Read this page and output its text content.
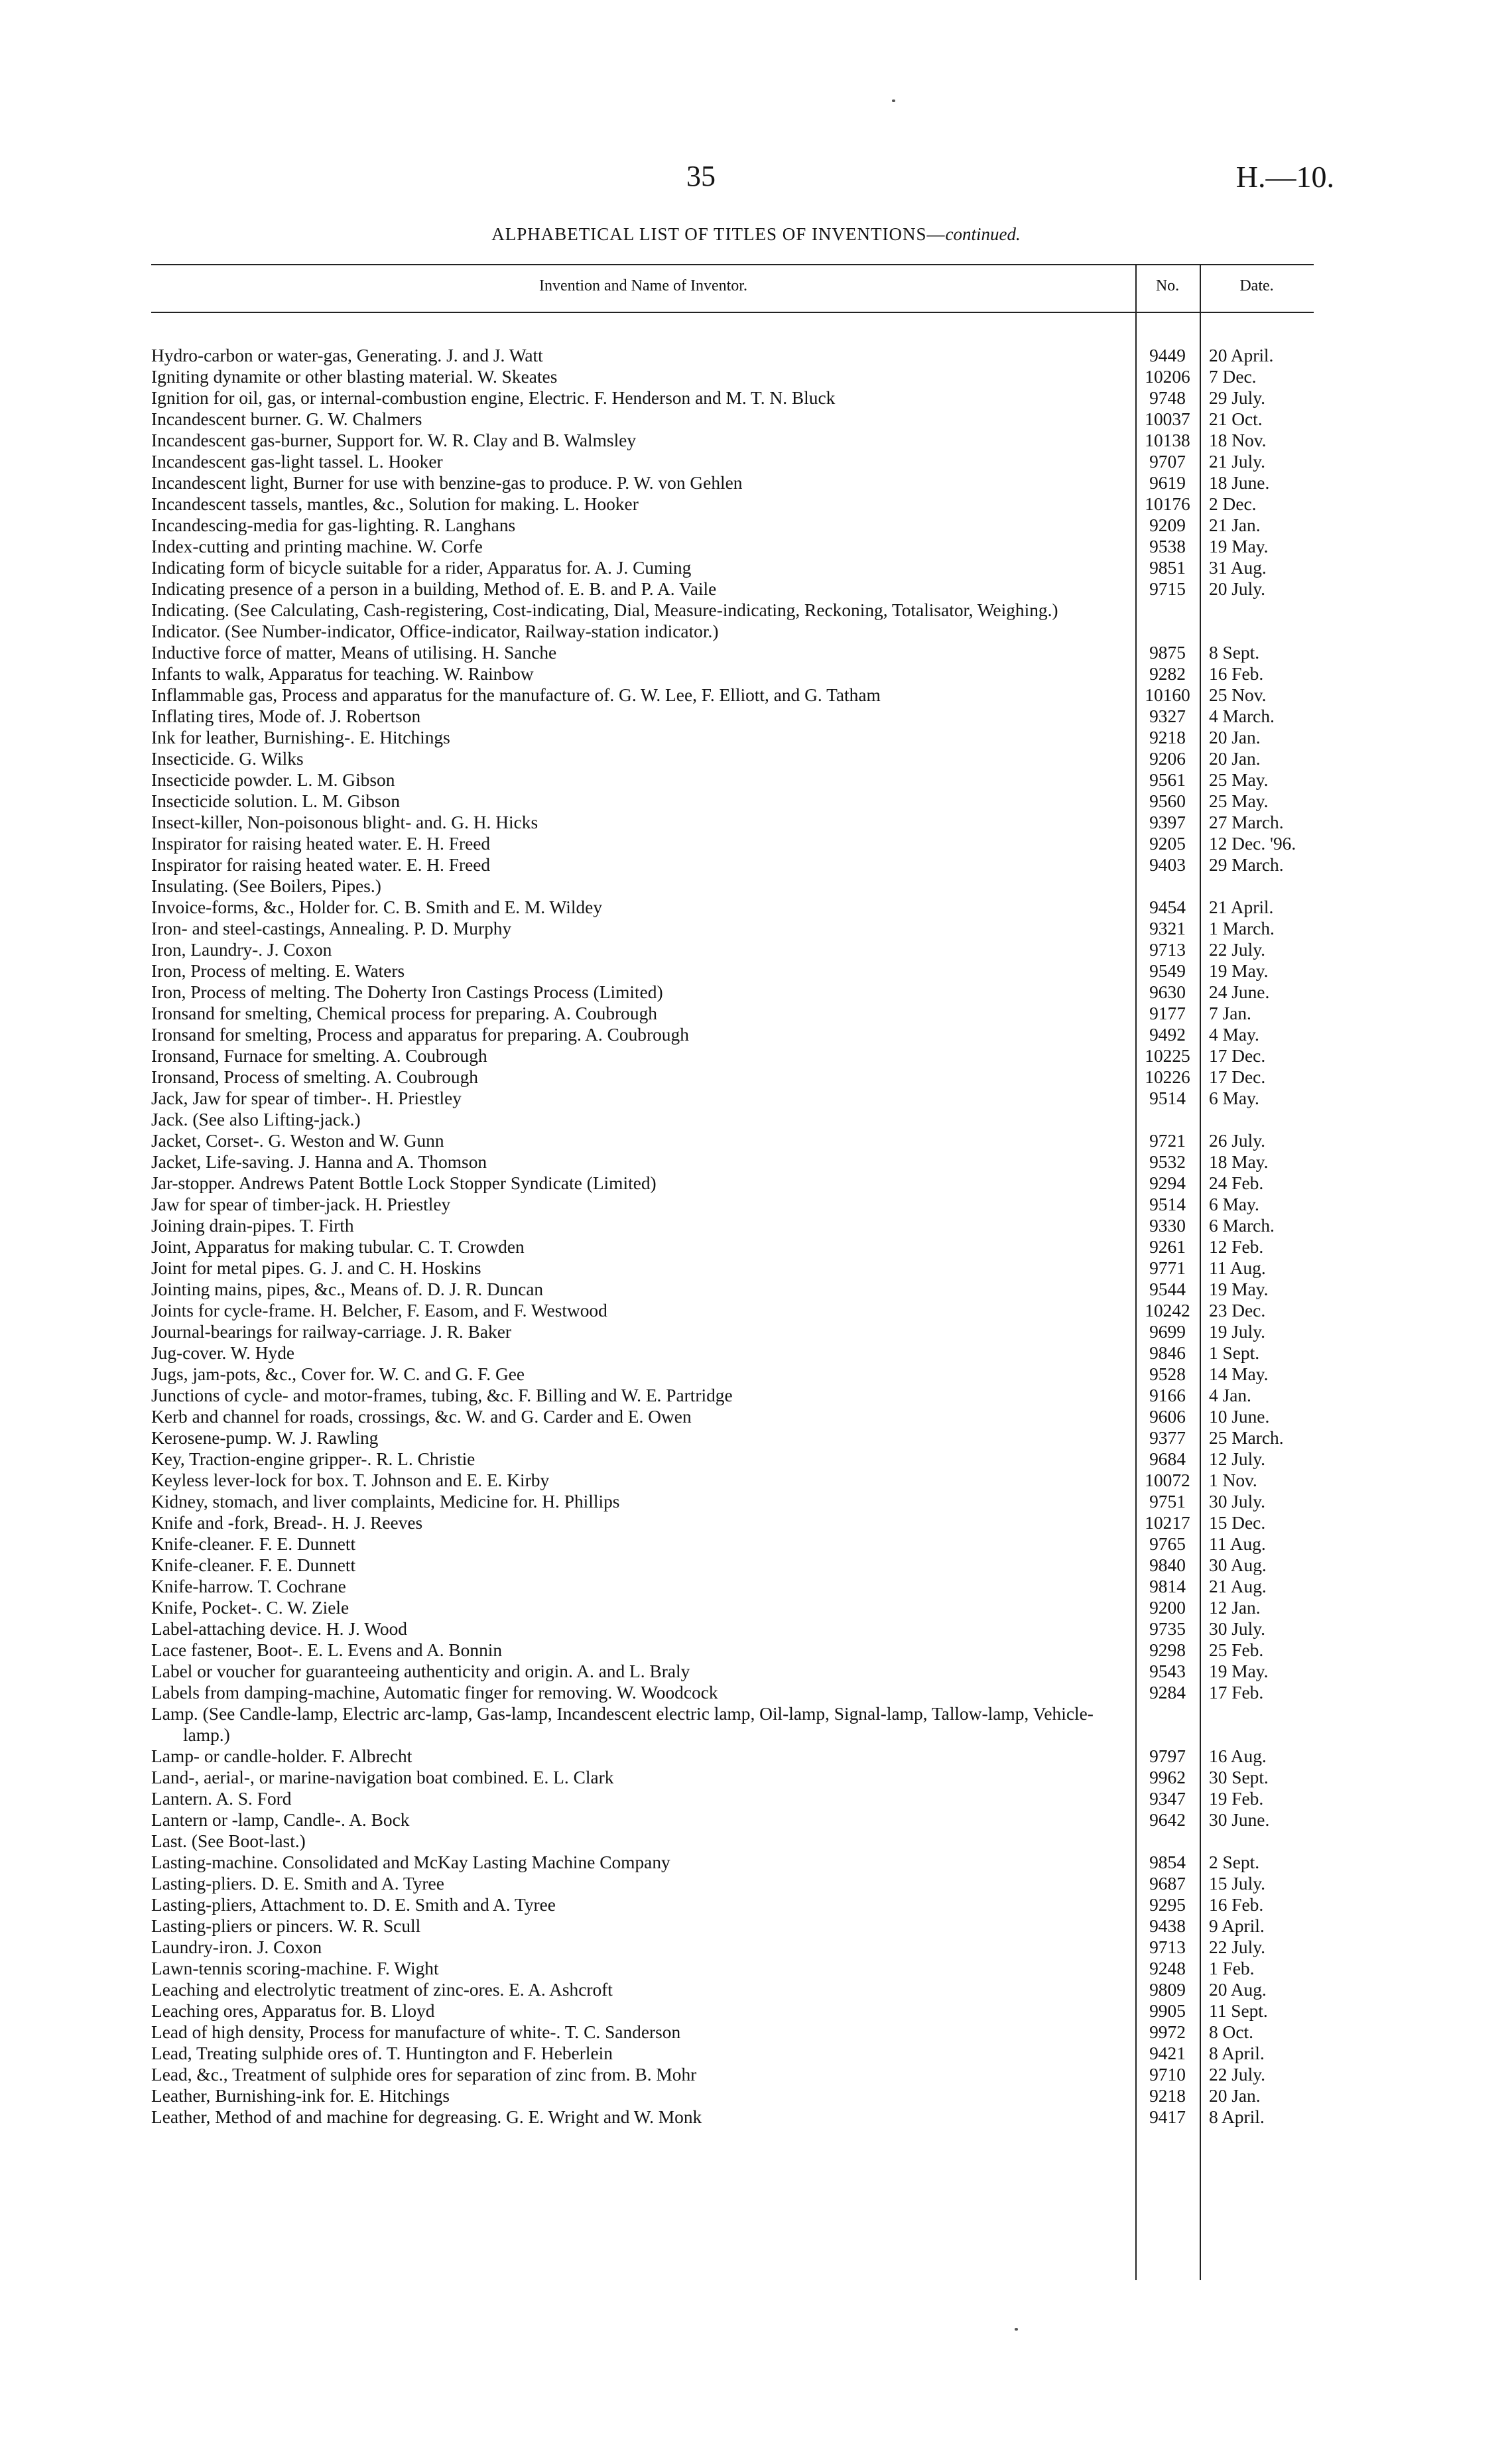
35	H.—10.
ALPHABETICAL LIST OF TITLES OF INVENTIONS—continued.
Invention and Name of Inventor.	No.	Date.
Hydro-carbon or water-gas, Generating. J. and J. Watt	9449	20 April.
Igniting dynamite or other blasting material. W. Skeates	10206	7 Dec.
Ignition for oil, gas, or internal-combustion engine, Electric. F. Henderson and M. T. N. Bluck	9748	29 July.
Incandescent burner. G. W. Chalmers	10037	21 Oct.
Incandescent gas-burner, Support for. W. R. Clay and B. Walmsley	10138	18 Nov.
Incandescent gas-light tassel. L. Hooker	9707	21 July.
Incandescent light, Burner for use with benzine-gas to produce. P. W. von Gehlen	9619	18 June.
Incandescent tassels, mantles, &c., Solution for making. L. Hooker	10176	2 Dec.
Incandescing-media for gas-lighting. R. Langhans	9209	21 Jan.
Index-cutting and printing machine. W. Corfe	9538	19 May.
Indicating form of bicycle suitable for a rider, Apparatus for. A. J. Cuming	9851	31 Aug.
Indicating presence of a person in a building, Method of. E. B. and P. A. Vaile	9715	20 July.
Indicating. (See Calculating, Cash-registering, Cost-indicating, Dial, Measure-indicating, Reckoning, Totalisator, Weighing.)
Indicator. (See Number-indicator, Office-indicator, Railway-station indicator.)
Inductive force of matter, Means of utilising. H. Sanche	9875	8 Sept.
Infants to walk, Apparatus for teaching. W. Rainbow	9282	16 Feb.
Inflammable gas, Process and apparatus for the manufacture of. G. W. Lee, F. Elliott, and G. Tatham	10160	25 Nov.
Inflating tires, Mode of. J. Robertson	9327	4 March.
Ink for leather, Burnishing-. E. Hitchings	9218	20 Jan.
Insecticide. G. Wilks	9206	20 Jan.
Insecticide powder. L. M. Gibson	9561	25 May.
Insecticide solution. L. M. Gibson	9560	25 May.
Insect-killer, Non-poisonous blight- and. G. H. Hicks	9397	27 March.
Inspirator for raising heated water. E. H. Freed	9205	12 Dec. '96.
Inspirator for raising heated water. E. H. Freed	9403	29 March.
Insulating. (See Boilers, Pipes.)
Invoice-forms, &c., Holder for. C. B. Smith and E. M. Wildey	9454	21 April.
Iron- and steel-castings, Annealing. P. D. Murphy	9321	1 March.
Iron, Laundry-. J. Coxon	9713	22 July.
Iron, Process of melting. E. Waters	9549	19 May.
Iron, Process of melting. The Doherty Iron Castings Process (Limited)	9630	24 June.
Ironsand for smelting, Chemical process for preparing. A. Coubrough	9177	7 Jan.
Ironsand for smelting, Process and apparatus for preparing. A. Coubrough	9492	4 May.
Ironsand, Furnace for smelting. A. Coubrough	10225	17 Dec.
Ironsand, Process of smelting. A. Coubrough	10226	17 Dec.
Jack, Jaw for spear of timber-. H. Priestley	9514	6 May.
Jack. (See also Lifting-jack.)
Jacket, Corset-. G. Weston and W. Gunn	9721	26 July.
Jacket, Life-saving. J. Hanna and A. Thomson	9532	18 May.
Jar-stopper. Andrews Patent Bottle Lock Stopper Syndicate (Limited)	9294	24 Feb.
Jaw for spear of timber-jack. H. Priestley	9514	6 May.
Joining drain-pipes. T. Firth	9330	6 March.
Joint, Apparatus for making tubular. C. T. Crowden	9261	12 Feb.
Joint for metal pipes. G. J. and C. H. Hoskins	9771	11 Aug.
Jointing mains, pipes, &c., Means of. D. J. R. Duncan	9544	19 May.
Joints for cycle-frame. H. Belcher, F. Easom, and F. Westwood	10242	23 Dec.
Journal-bearings for railway-carriage. J. R. Baker	9699	19 July.
Jug-cover. W. Hyde	9846	1 Sept.
Jugs, jam-pots, &c., Cover for. W. C. and G. F. Gee	9528	14 May.
Junctions of cycle- and motor-frames, tubing, &c. F. Billing and W. E. Partridge	9166	4 Jan.
Kerb and channel for roads, crossings, &c. W. and G. Carder and E. Owen	9606	10 June.
Kerosene-pump. W. J. Rawling	9377	25 March.
Key, Traction-engine gripper-. R. L. Christie	9684	12 July.
Keyless lever-lock for box. T. Johnson and E. E. Kirby	10072	1 Nov.
Kidney, stomach, and liver complaints, Medicine for. H. Phillips	9751	30 July.
Knife and -fork, Bread-. H. J. Reeves	10217	15 Dec.
Knife-cleaner. F. E. Dunnett	9765	11 Aug.
Knife-cleaner. F. E. Dunnett	9840	30 Aug.
Knife-harrow. T. Cochrane	9814	21 Aug.
Knife, Pocket-. C. W. Ziele	9200	12 Jan.
Label-attaching device. H. J. Wood	9735	30 July.
Lace fastener, Boot-. E. L. Evens and A. Bonnin	9298	25 Feb.
Label or voucher for guaranteeing authenticity and origin. A. and L. Braly	9543	19 May.
Labels from damping-machine, Automatic finger for removing. W. Woodcock	9284	17 Feb.
Lamp. (See Candle-lamp, Electric arc-lamp, Gas-lamp, Incandescent electric lamp, Oil-lamp, Signal-lamp, Tallow-lamp, Vehicle-lamp.)
Lamp- or candle-holder. F. Albrecht	9797	16 Aug.
Land-, aerial-, or marine-navigation boat combined. E. L. Clark	9962	30 Sept.
Lantern. A. S. Ford	9347	19 Feb.
Lantern or -lamp, Candle-. A. Bock	9642	30 June.
Last. (See Boot-last.)
Lasting-machine. Consolidated and McKay Lasting Machine Company	9854	2 Sept.
Lasting-pliers. D. E. Smith and A. Tyree	9687	15 July.
Lasting-pliers, Attachment to. D. E. Smith and A. Tyree	9295	16 Feb.
Lasting-pliers or pincers. W. R. Scull	9438	9 April.
Laundry-iron. J. Coxon	9713	22 July.
Lawn-tennis scoring-machine. F. Wight	9248	1 Feb.
Leaching and electrolytic treatment of zinc-ores. E. A. Ashcroft	9809	20 Aug.
Leaching ores, Apparatus for. B. Lloyd	9905	11 Sept.
Lead of high density, Process for manufacture of white-. T. C. Sanderson	9972	8 Oct.
Lead, Treating sulphide ores of. T. Huntington and F. Heberlein	9421	8 April.
Lead, &c., Treatment of sulphide ores for separation of zinc from. B. Mohr	9710	22 July.
Leather, Burnishing-ink for. E. Hitchings	9218	20 Jan.
Leather, Method of and machine for degreasing. G. E. Wright and W. Monk	9417	8 April.
